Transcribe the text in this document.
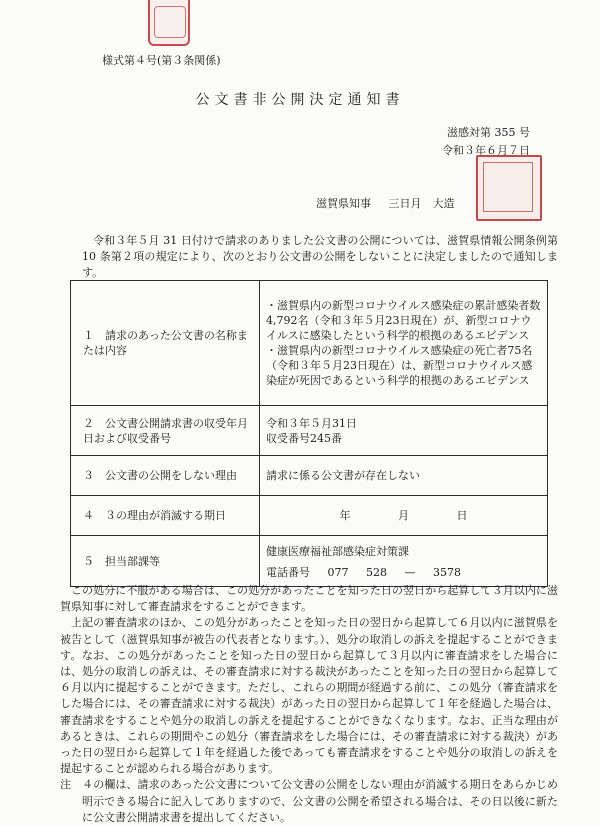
様式第４号(第３条関係)
公文書非公開決定通知書
滋感対第 355 号
令和３年６月７日
滋賀県知事 三日月　大造
令和３年５月 31 日付けで請求のありました公文書の公開については、滋賀県情報公開条例第 10 条第２項の規定により、次のとおり公文書の公開をしないことに決定しましたので通知します。
１　請求のあった公文書の名称または内容	・滋賀県内の新型コロナウイルス感染症の累計感染者数4,792名（令和３年５月23日現在）が、新型コロナウイルスに感染したという科学的根拠のあるエビデンス
・滋賀県内の新型コロナウイルス感染症の死亡者75名（令和３年５月23日現在）は、新型コロナウイルス感染症が死因であるという科学的根拠のあるエビデンス

２　公文書公開請求書の収受年月日および収受番号	令和３年５月31日
収受番号245番

３　公文書の公開をしない理由	請求に係る公文書が存在しない
４　３の理由が消滅する期日	年 月 日
５　担当部課等	健康医療福祉部感染症対策課
電話番号 077 528 — 3578

この処分に不服がある場合は、この処分があったことを知った日の翌日から起算して３月以内に滋賀県知事に対して審査請求をすることができます。

上記の審査請求のほか、この処分があったことを知った日の翌日から起算して６月以内に滋賀県を被告として（滋賀県知事が被告の代表者となります。）、処分の取消しの訴えを提起することができます。なお、この処分があったことを知った日の翌日から起算して３月以内に審査請求をした場合には、処分の取消しの訴えは、その審査請求に対する裁決があったことを知った日の翌日から起算して６月以内に提起することができます。ただし、これらの期間が経過する前に、この処分（審査請求をした場合には、その審査請求に対する裁決）があった日の翌日から起算して１年を経過した場合は、審査請求をすることや処分の取消しの訴えを提起することができなくなります。なお、正当な理由があるときは、これらの期間やこの処分（審査請求をした場合には、その審査請求に対する裁決）があった日の翌日から起算して１年を経過した後であっても審査請求をすることや処分の取消しの訴えを提起することが認められる場合があります。

注　４の欄は、請求のあった公文書について公文書の公開をしない理由が消滅する期日をあらかじめ明示できる場合に記入してありますので、公文書の公開を希望される場合は、その日以後に新たに公文書公開請求書を提出してください。
